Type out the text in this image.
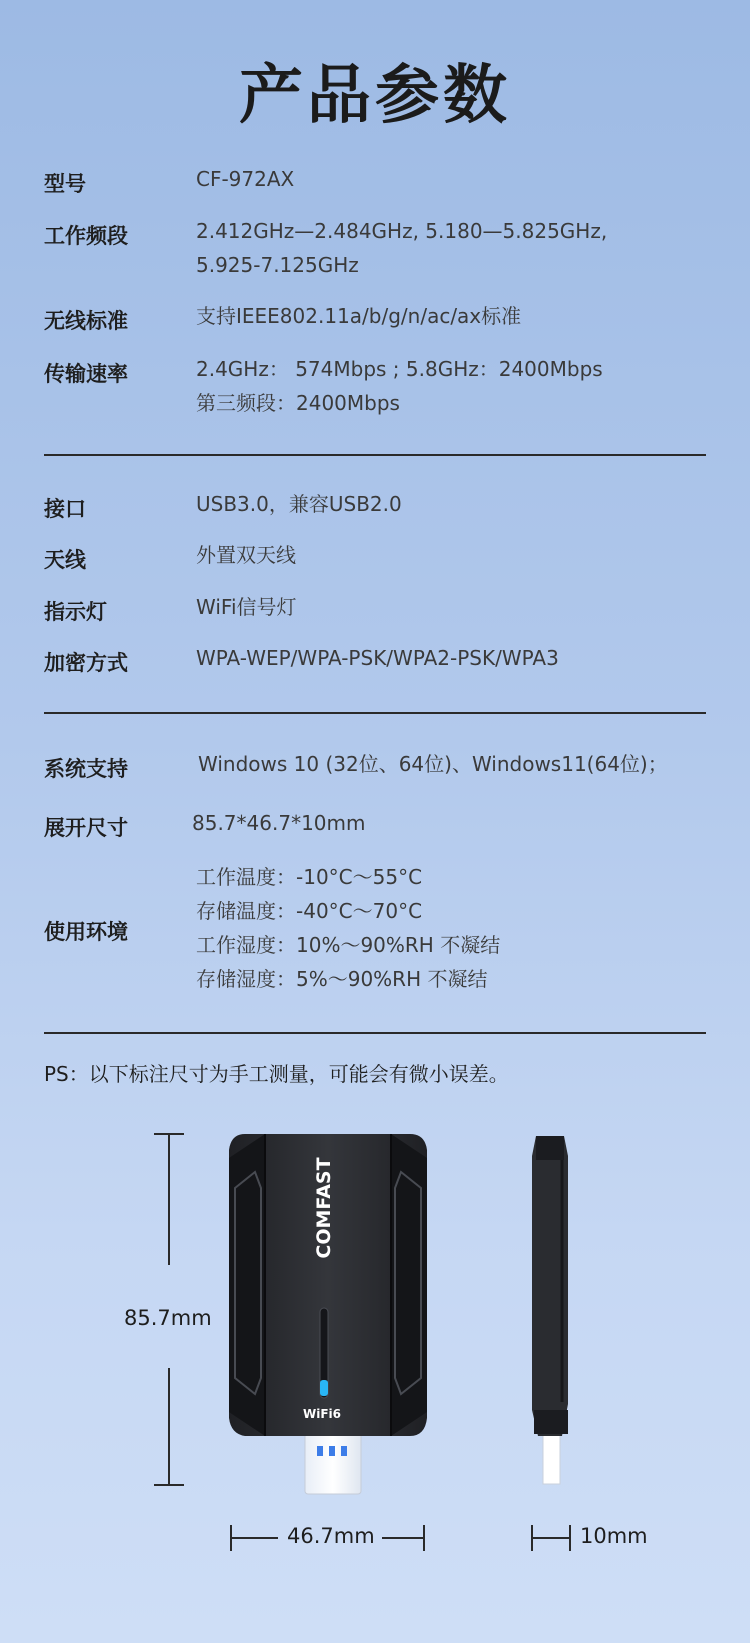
产品参数
型号	CF-972AX
工作频段	2.412GHz—2.484GHz, 5.180—5.825GHz,
5.925-7.125GHz
无线标准	支持IEEE802.11a/b/g/n/ac/ax标准
传输速率	2.4GHz： 574Mbps ; 5.8GHz：2400Mbps
第三频段：2400Mbps
接口	USB3.0，兼容USB2.0
天线	外置双天线
指示灯	WiFi信号灯
加密方式	WPA-WEP/WPA-PSK/WPA2-PSK/WPA3
系统支持	Windows 10 (32位、64位)、Windows11(64位)；
展开尺寸	85.7*46.7*10mm
使用环境
工作温度：-10°C～55°C
存储温度：-40°C～70°C
工作湿度：10%～90%RH 不凝结
存储湿度：5%～90%RH 不凝结
PS：以下标注尺寸为手工测量，可能会有微小误差。
85.7mm
COMFAST
WiFi6
46.7mm	10mm
